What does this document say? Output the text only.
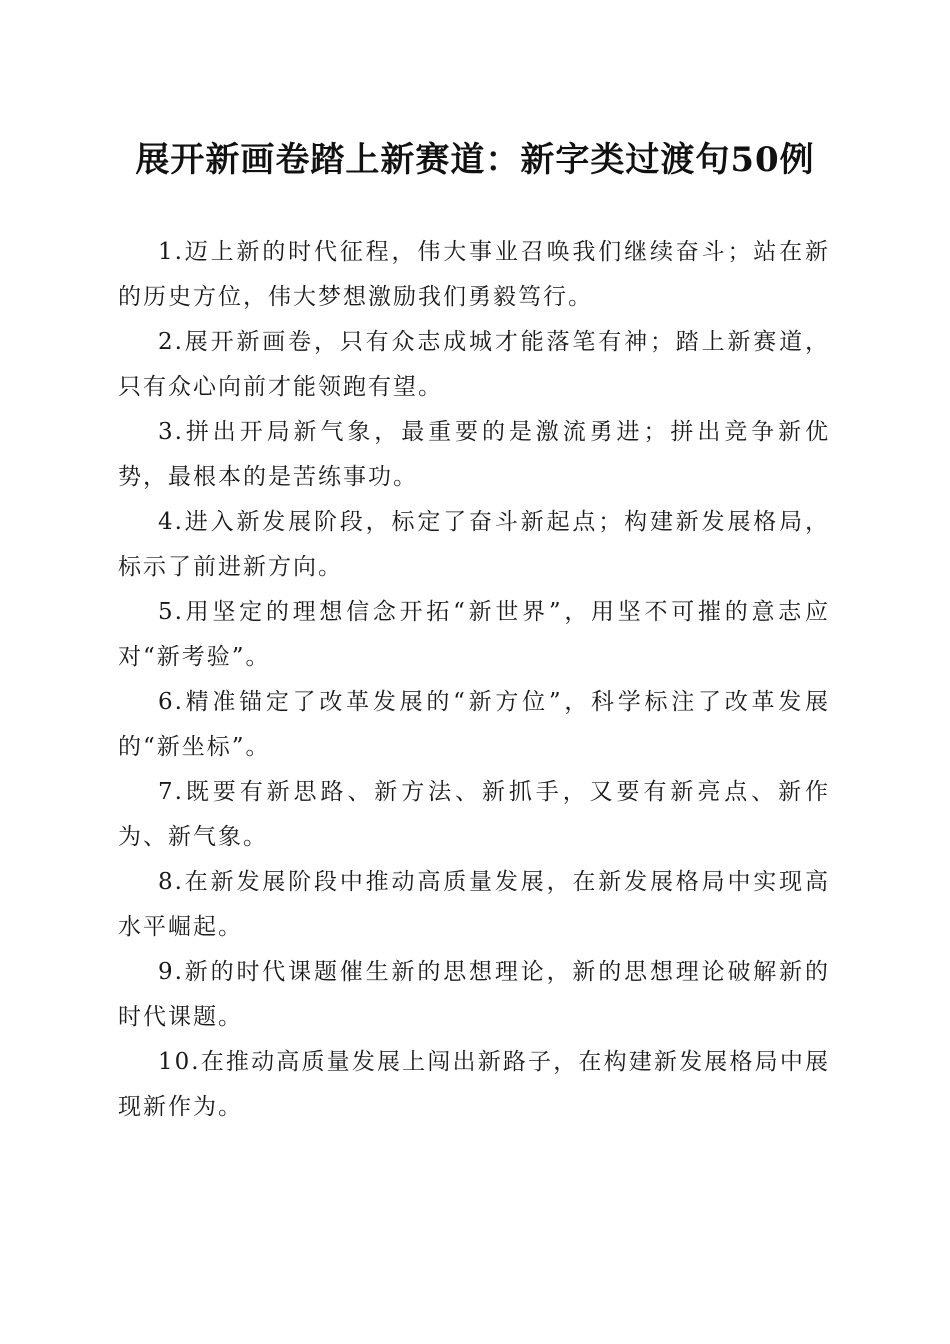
展开新画卷踏上新赛道：新字类过渡句50例

1.迈上新的时代征程，伟大事业召唤我们继续奋斗；站在新的历史方位，伟大梦想激励我们勇毅笃行。

2.展开新画卷，只有众志成城才能落笔有神；踏上新赛道，只有众心向前才能领跑有望。

3.拼出开局新气象，最重要的是激流勇进；拼出竞争新优势，最根本的是苦练事功。

4.进入新发展阶段，标定了奋斗新起点；构建新发展格局，标示了前进新方向。

5.用坚定的理想信念开拓“新世界”，用坚不可摧的意志应对“新考验”。

6.精准锚定了改革发展的“新方位”，科学标注了改革发展的“新坐标”。

7.既要有新思路、新方法、新抓手，又要有新亮点、新作为、新气象。

8.在新发展阶段中推动高质量发展，在新发展格局中实现高水平崛起。

9.新的时代课题催生新的思想理论，新的思想理论破解新的时代课题。

10.在推动高质量发展上闯出新路子，在构建新发展格局中展现新作为。
